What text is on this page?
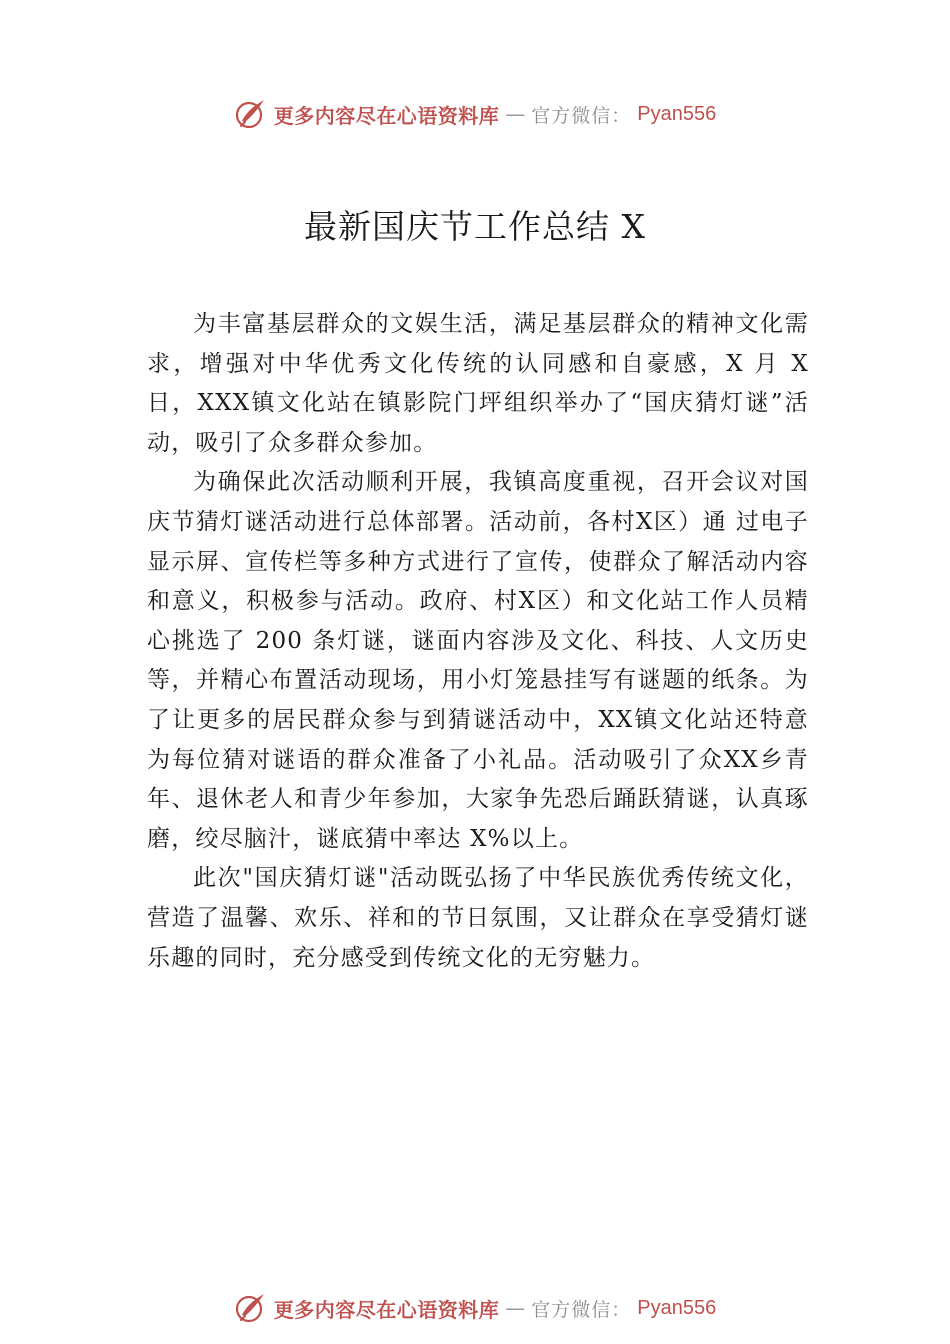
更多内容尽在心语资料库 — 官方微信： Pyan556
最新国庆节工作总结 X

为丰富基层群众的文娱生活，满足基层群众的精神文化需求，增强对中华优秀文化传统的认同感和自豪感，X 月 X 日，XXX镇文化站在镇影院门坪组织举办了“国庆猜灯谜”活动，吸引了众多群众参加。

为确保此次活动顺利开展，我镇高度重视，召开会议对国庆节猜灯谜活动进行总体部署。活动前，各村X区）通 过电子显示屏、宣传栏等多种方式进行了宣传，使群众了解活动内容和意义，积极参与活动。政府、村X区）和文化站工作人员精心挑选了 200 条灯谜，谜面内容涉及文化、科技、人文历史等，并精心布置活动现场，用小灯笼悬挂写有谜题的纸条。为了让更多的居民群众参与到猜谜活动中，XX镇文化站还特意为每位猜对谜语的群众准备了小礼品。活动吸引了众XX乡青年、退休老人和青少年参加，大家争先恐后踊跃猜谜，认真琢磨，绞尽脑汁，谜底猜中率达 X%以上。

此次"国庆猜灯谜"活动既弘扬了中华民族优秀传统文化，营造了温馨、欢乐、祥和的节日氛围，又让群众在享受猜灯谜乐趣的同时，充分感受到传统文化的无穷魅力。

更多内容尽在心语资料库 — 官方微信： Pyan556
